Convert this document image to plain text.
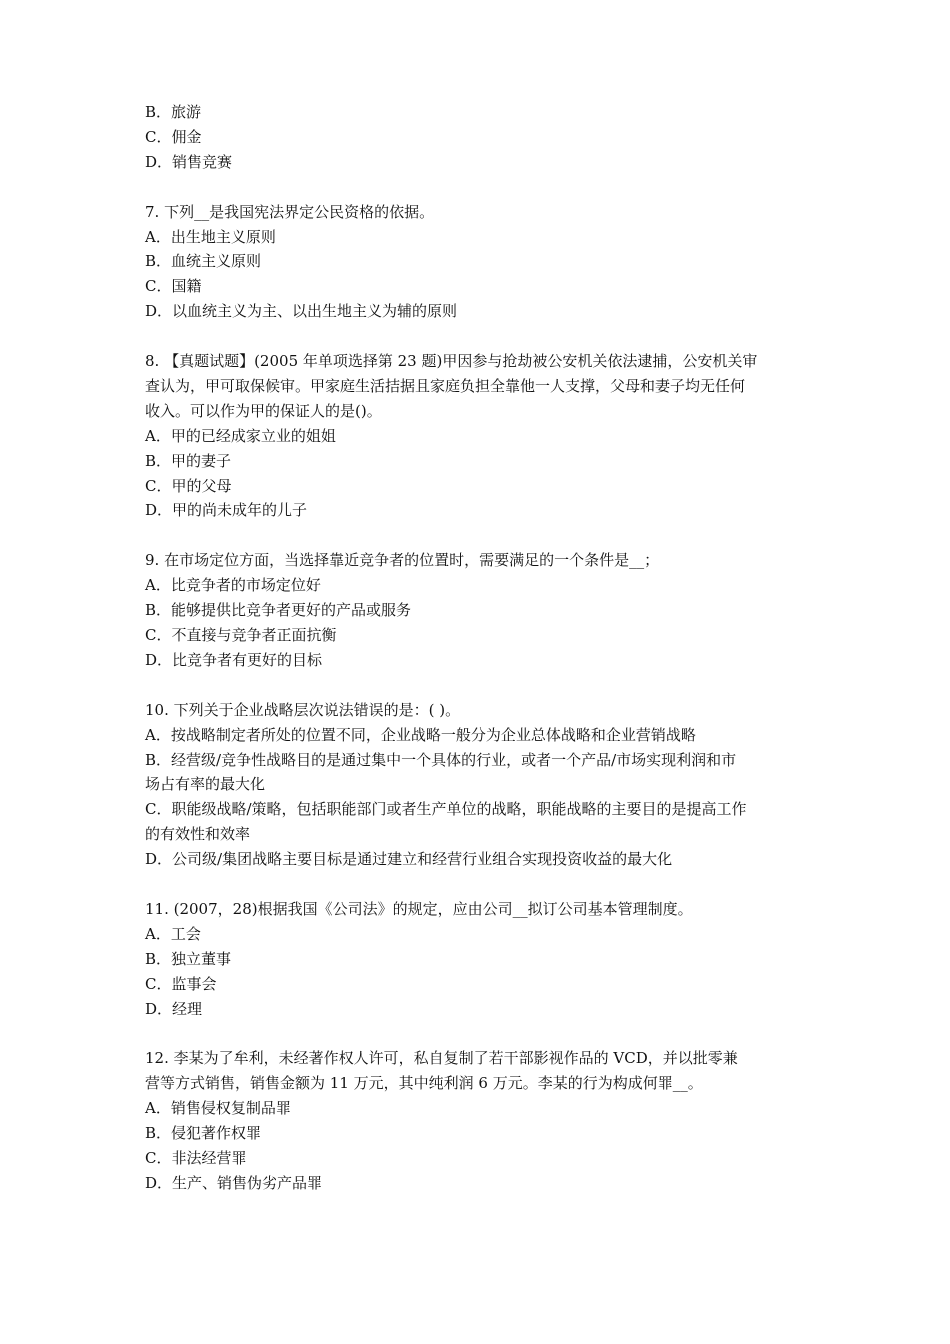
B．旅游
C．佣金
D．销售竞赛
7. 下列__是我国宪法界定公民资格的依据。
A．出生地主义原则
B．血统主义原则
C．国籍
D．以血统主义为主、以出生地主义为辅的原则
8. 【真题试题】(2005 年单项选择第 23 题)甲因参与抢劫被公安机关依法逮捕，公安机关审
查认为，甲可取保候审。甲家庭生活拮据且家庭负担全靠他一人支撑，父母和妻子均无任何
收入。可以作为甲的保证人的是()。
A．甲的已经成家立业的姐姐
B．甲的妻子
C．甲的父母
D．甲的尚未成年的儿子
9. 在市场定位方面，当选择靠近竞争者的位置时，需要满足的一个条件是__；
A．比竞争者的市场定位好
B．能够提供比竞争者更好的产品或服务
C．不直接与竞争者正面抗衡
D．比竞争者有更好的目标
10. 下列关于企业战略层次说法错误的是：( )。
A．按战略制定者所处的位置不同，企业战略一般分为企业总体战略和企业营销战略
B．经营级/竞争性战略目的是通过集中一个具体的行业，或者一个产品/市场实现利润和市
场占有率的最大化
C．职能级战略/策略，包括职能部门或者生产单位的战略，职能战略的主要目的是提高工作
的有效性和效率
D．公司级/集团战略主要目标是通过建立和经营行业组合实现投资收益的最大化
11. (2007，28)根据我国《公司法》的规定，应由公司__拟订公司基本管理制度。
A．工会
B．独立董事
C．监事会
D．经理
12. 李某为了牟利，未经著作权人许可，私自复制了若干部影视作品的 VCD，并以批零兼
营等方式销售，销售金额为 11 万元，其中纯利润 6 万元。李某的行为构成何罪__。
A．销售侵权复制品罪
B．侵犯著作权罪
C．非法经营罪
D．生产、销售伪劣产品罪
